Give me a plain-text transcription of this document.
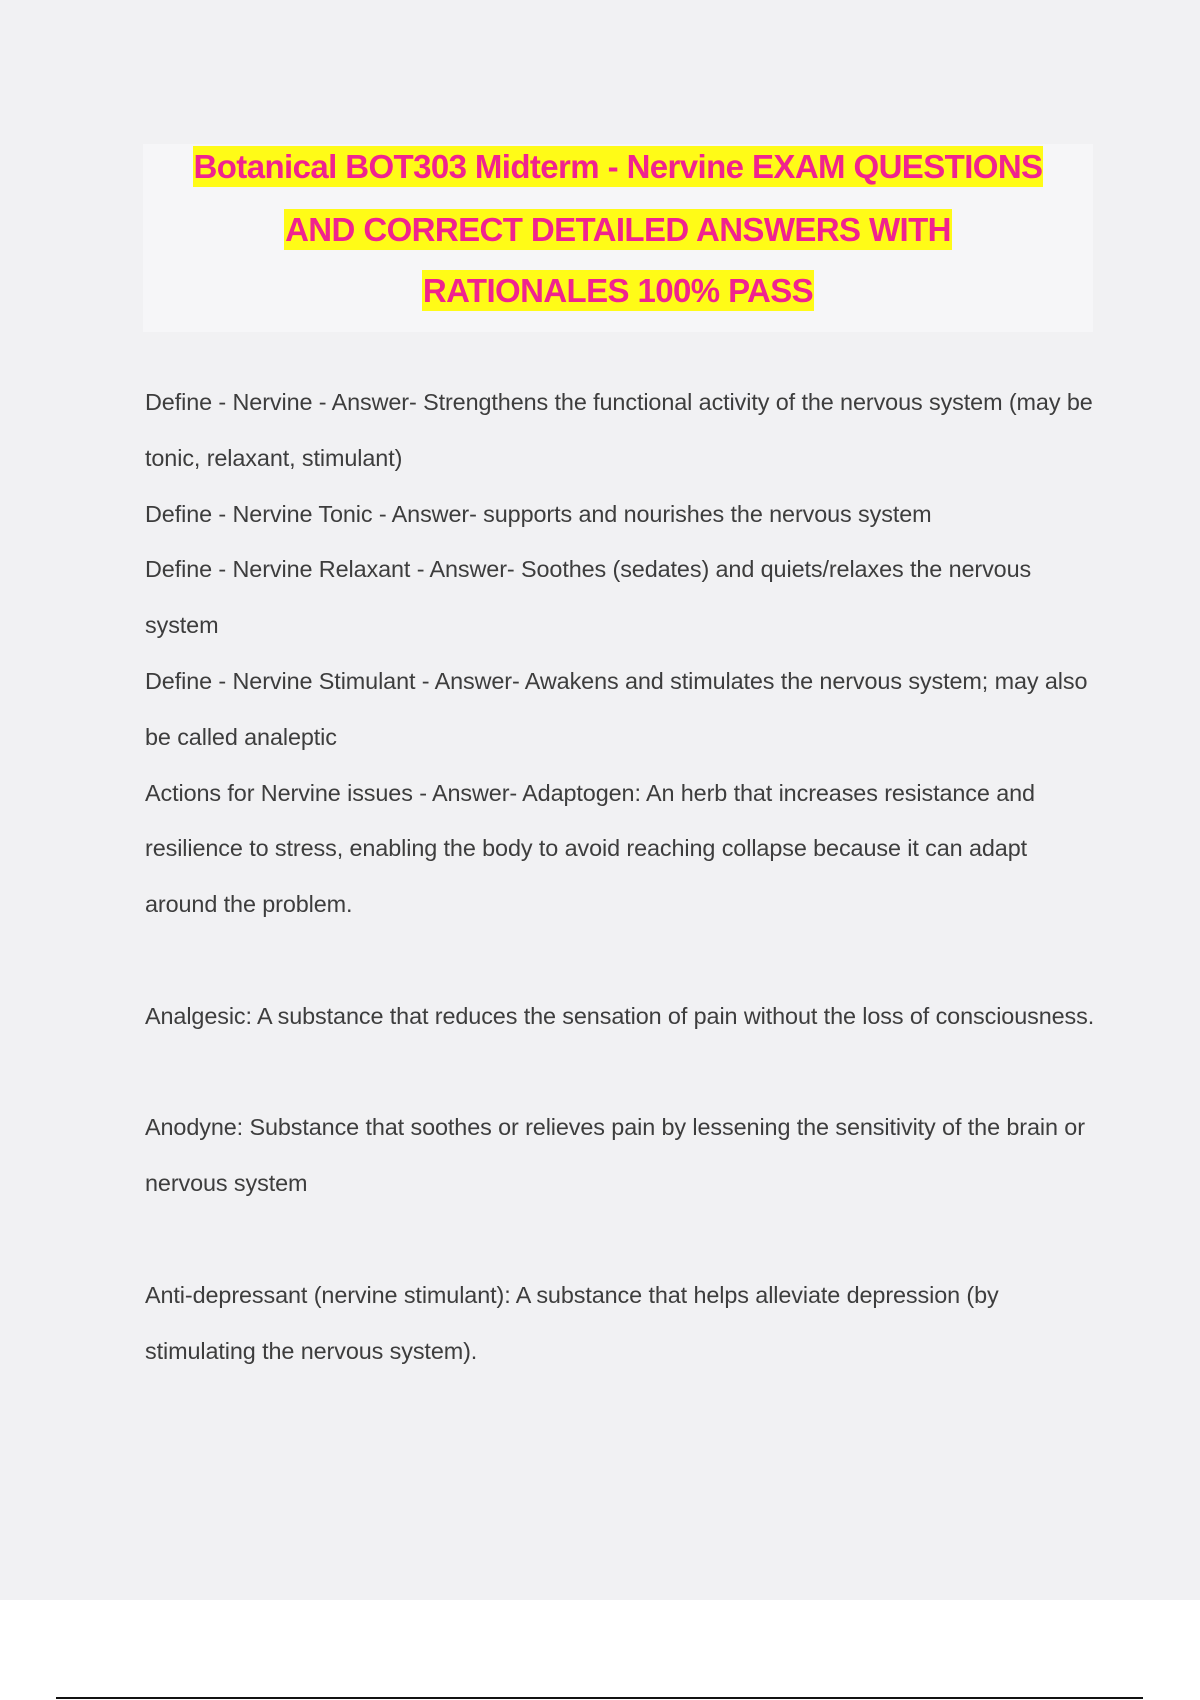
Botanical BOT303 Midterm - Nervine EXAM QUESTIONS
AND CORRECT DETAILED ANSWERS WITH
RATIONALES 100% PASS

Define - Nervine - Answer- Strengthens the functional activity of the nervous system (may be tonic, relaxant, stimulant)

Define - Nervine Tonic - Answer- supports and nourishes the nervous system

Define - Nervine Relaxant - Answer- Soothes (sedates) and quiets/relaxes the nervous system

Define - Nervine Stimulant - Answer- Awakens and stimulates the nervous system; may also be called analeptic

Actions for Nervine issues - Answer- Adaptogen: An herb that increases resistance and resilience to stress, enabling the body to avoid reaching collapse because it can adapt around the problem.

Analgesic: A substance that reduces the sensation of pain without the loss of consciousness.

Anodyne: Substance that soothes or relieves pain by lessening the sensitivity of the brain or nervous system

Anti-depressant (nervine stimulant): A substance that helps alleviate depression (by stimulating the nervous system).
